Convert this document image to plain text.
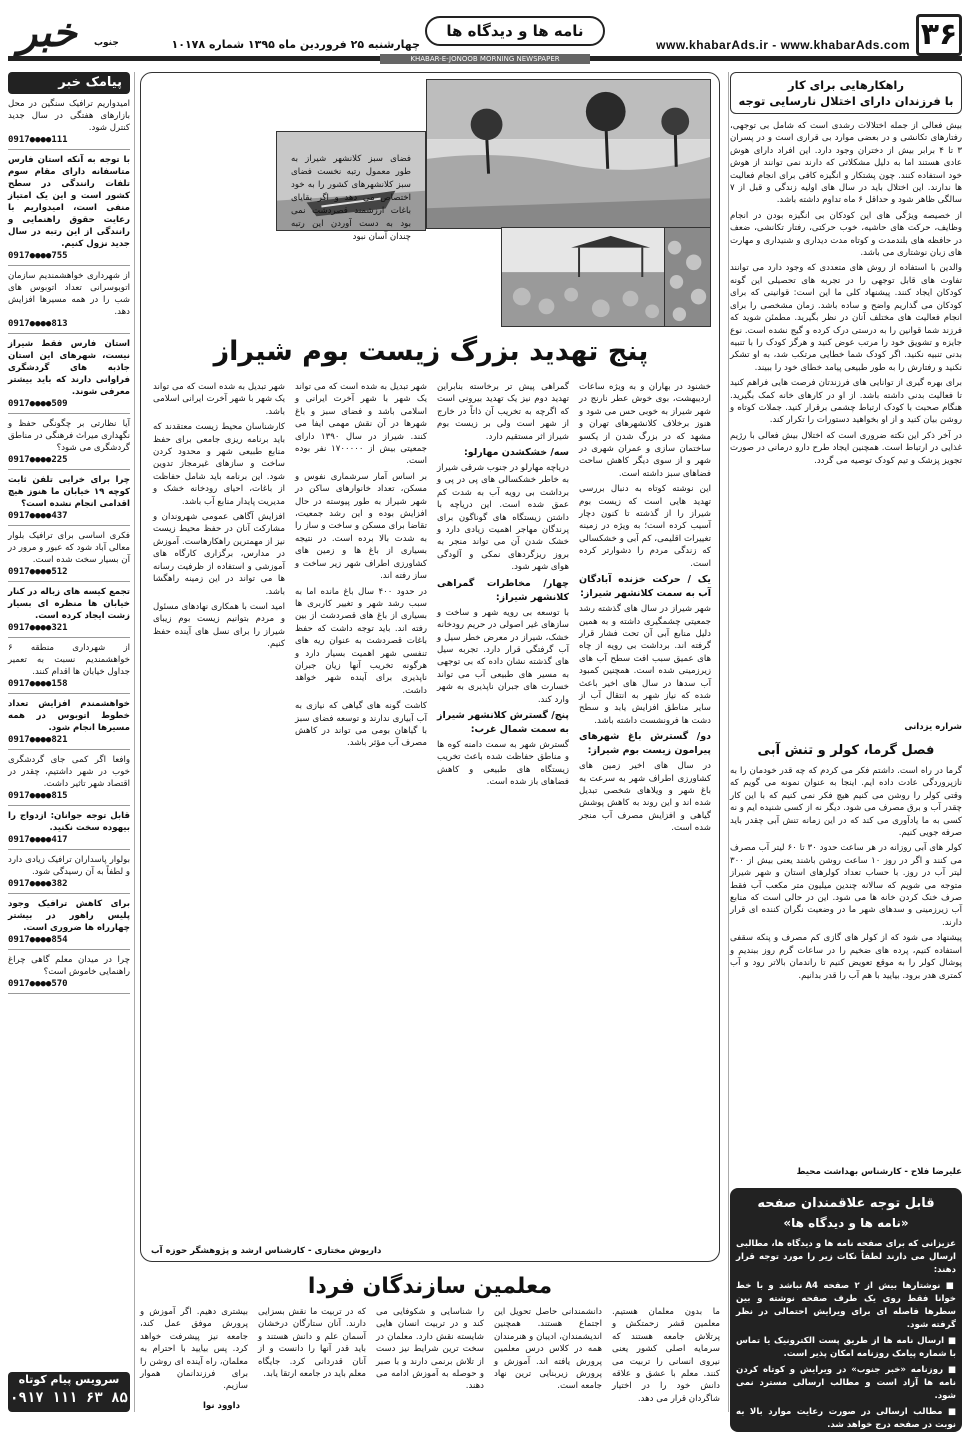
۳۶
www.khabarAds.ir - www.khabarAds.com
نامه ها و دیدگاه ها
چهارشنبه ۲۵ فروردین ماه ۱۳۹۵ شماره ۱۰۱۷۸
خبر جنوب
KHABAR-E-JONOOB MORNING NEWSPAPER
راهکارهایی برای کار
با فرزندان دارای اختلال نارسایی توجه

بیش فعالی از جمله اختلالات رشدی است که شامل بی توجهی، رفتارهای تکانشی و در بعضی موارد بی قراری است و در پسران ۳ تا ۴ برابر بیش از دختران وجود دارد. این افراد دارای هوش عادی هستند اما به دلیل مشکلاتی که دارند نمی توانند از هوش خود استفاده کنند. چون پشتکار و انگیزه کافی برای انجام فعالیت ها ندارند. این اختلال باید در سال های اولیه زندگی و قبل از ۷ سالگی ظاهر شود و حداقل ۶ ماه تداوم داشته باشد.

از خصیصه ویژگی های این کودکان بی انگیزه بودن در انجام وظایف، حرکت های حاشیه، خوب حرکتی، رفتار تکانشی، ضعف در حافظه های بلندمدت و کوتاه مدت دیداری و شنیداری و مهارت های زبان نوشتاری می باشد.

والدین با استفاده از روش های متعددی که وجود دارد می توانند تفاوت های قابل توجهی را در تجربه های تحصیلی این گونه کودکان ایجاد کنند. پیشنهاد کلی ما این است: قوانینی که برای کودکان می گذاریم واضح و ساده باشد. زمان مشخصی را برای انجام فعالیت های مختلف آنان در نظر بگیرید. مطمئن شوید که فرزند شما قوانین را به درستی درک کرده و گیج نشده است. نوع جایزه و تشویق خود را مرتب عوض کنید و هرگز کودک را با تنبیه بدنی تنبیه نکنید. اگر کودک شما خطایی مرتکب شد، به او تشکر نکنید و رفتارش را به طور طبیعی پیامد خطای خود را ببیند.

برای بهره گیری از توانایی های فرزندتان فرصت هایی فراهم کنید تا فعالیت بدنی داشته باشد. از او در کارهای خانه کمک بگیرید. هنگام صحبت با کودک ارتباط چشمی برقرار کنید. جملات کوتاه و روشن بیان کنید و از او بخواهید دستورات را تکرار کند.

در آخر ذکر این نکته ضروری است که اختلال بیش فعالی با رژیم غذایی در ارتباط است. همچنین ایجاد طرح دارو درمانی در صورت تجویز پزشک و تیم کودک توصیه می گردد.

شراره یزدانی
فصل گرما، کولر و تنش آبی

گرما در راه است. داشتم فکر می کردم که چه قدر خودمان را به نازپروردگی عادت داده ایم. اینجا به عنوان نمونه می گویم که وقتی کولر را روشن می کنیم هیچ فکر نمی کنیم که با این کار چقدر آب و برق مصرف می شود. دیگر نه از کسی شنیده ایم و نه کسی به ما یادآوری می کند که در این زمانه تنش آبی چقدر باید صرفه جویی کنیم.

کولر های آبی روزانه در هر ساعت حدود ۳۰ تا ۶۰ لیتر آب مصرف می کنند و اگر در روز ۱۰ ساعت روشن باشند یعنی بیش از ۳۰۰ لیتر آب در روز. با حساب تعداد کولرهای استان و شهر شیراز متوجه می شویم که سالانه چندین میلیون متر مکعب آب فقط صرف خنک کردن خانه ها می شود. این در حالی است که منابع آب زیرزمینی و سدهای شهر ما در وضعیت نگران کننده ای قرار دارند.

پیشنهاد می شود که از کولر های گازی کم مصرف و پنکه سقفی استفاده کنیم، پرده های ضخیم را در ساعات گرم روز ببندیم و پوشال کولر را به موقع تعویض کنیم تا راندمان بالاتر رود و آب کمتری هدر برود. بیایید با هم آب را قدر بدانیم.

علیرضا فلاح - کارشناس بهداشت محیط
قابل توجه علاقمندان صفحه
«نامه ها و دیدگاه ها»

عزیزانی که برای صفحه نامه ها و دیدگاه ها، مطالبی ارسال می دارند لطفاً نکات زیر را مورد توجه قرار دهند:

■ نوشتارها بیش از ۲ صفحه A4 نباشد و با خط خوانا فقط روی یک طرف صفحه نوشته و بین سطرها فاصله ای برای ویرایش احتمالی در نظر گرفته شود.

■ ارسال نامه ها از طریق پست الکترونیک یا تماس با شماره پیامک روزنامه امکان پذیر است.

■ روزنامه «خبر جنوب» در ویرایش و کوتاه کردن نامه ها آزاد است و مطالب ارسالی مسترد نمی شود.

■ مطالب ارسالی در صورت رعایت موارد بالا به نوبت در صفحه درج خواهد شد.

پیامک خبر
امیدواریم ترافیک سنگین در محل بازارهای هفتگی در سال جدید کنترل شود.
0917●●●●111
با توجه به آنکه استان فارس متاسفانه دارای مقام سوم تلفات رانندگی در سطح کشور است و این یک امتیاز منفی است، امیدواریم با رعایت حقوق راهنمایی و رانندگی از این رتبه در سال جدید نزول کنیم.
0917●●●●755
از شهرداری خواهشمندیم سازمان اتوبوسرانی تعداد اتوبوس های شب را در همه مسیرها افزایش دهد.
0917●●●●813
استان فارس فقط شیراز نیست، شهرهای این استان جاذبه های گردشگری فراوانی دارند که باید بیشتر معرفی شوند.
0917●●●●509
آیا نظارتی بر چگونگی حفظ و نگهداری میراث فرهنگی در مناطق گردشگری می شود؟
0917●●●●225
چرا برای خرابی تلفن ثابت کوچه ۱۹ خیابان ما هنوز هیچ اقدامی انجام نشده است؟
0917●●●●437
فکری اساسی برای ترافیک بلوار معالی آباد شود که عبور و مرور در آن بسیار سخت شده است.
0917●●●●512
تجمع کیسه های زباله در کنار خیابان ها منظره ای بسیار زشت ایجاد کرده است.
0917●●●●321
از شهرداری منطقه ۶ خواهشمندیم نسبت به تعمیر جداول خیابان ها اقدام کنند.
0917●●●●158
خواهشمندم افزایش تعداد خطوط اتوبوس در همه مسیرها انجام شود.
0917●●●●821
وافعا اگر کمی جای گردشگری خوب در شهر داشتیم، چقدر در اقتصاد شهر تاثیر داشت.
0917●●●●815
قابل توجه جوانان: ازدواج را بیهوده سخت نکنید.
0917●●●●417
بولوار پاسداران ترافیک زیادی دارد و لطفاً به آن رسیدگی شود.
0917●●●●382
برای کاهش ترافیک وجود پلیس راهور در بیشتر چهارراه ها ضروری است.
0917●●●●854
چرا در میدان معلم گاهی چراغ راهنمایی خاموش است؟
0917●●●●570
سرویس پیام کوتاه
۰۹۱۷ ۱۱۱ ۶۳ ۸۵
فضای سبز کلانشهر شیراز به طور معمول رتبه نخست فضای سبز کلانشهرهای کشور را به خود اختصاص می دهد و اگر بقایای باغات ارزشمند قصردشت نمی بود به دست آوردن این رتبه چندان آسان نبود
پنج تهدید بزرگ زیست بوم شیراز

خشنود در بهاران و به ویژه ساعات اردیبهشت، بوی خوش عطر نارنج در شهر شیراز به خوبی حس می شود و هنوز برخلاف کلانشهرهای تهران و مشهد که در بزرگ شدن از یکسو ساختمان سازی و عمران شهری در شهر و از سوی دیگر کاهش ساحت فضاهای سبز داشته است.

این نوشته کوتاه به دنبال بررسی تهدید هایی است که زیست بوم شیراز را از گذشته تا کنون دچار آسیب کرده است؛ به ویژه در زمینه تغییرات اقلیمی، کم آبی و خشکسالی که زندگی مردم را دشوارتر کرده است.

یک / حرکت خزنده آبادگان آب به سمت کلانشهر شیراز:

شهر شیراز در سال های گذشته رشد جمعیتی چشمگیری داشته و به همین دلیل منابع آبی آن تحت فشار قرار گرفته اند. برداشت بی رویه از چاه های عمیق سبب افت سطح آب های زیرزمینی شده است. همچنین کمبود آب سدها در سال های اخیر باعث شده که نیاز شهر به انتقال آب از سایر مناطق افزایش یابد و سطح دشت ها فرونشست داشته باشد.

دو/ گسترش باغ شهرهای پیرامون زیست بوم شیراز:

در سال های اخیر زمین های کشاورزی اطراف شهر به سرعت به باغ شهر و ویلاهای شخصی تبدیل شده اند و این روند به کاهش پوشش گیاهی و افزایش مصرف آب منجر شده است.

گمراهی پیش تر برخاسته بنابراین تهدید دوم نیز یک تهدید بیرونی است که اگرچه به تخریب آن ذاتاً در خارج از شهر است ولی بر زیست بوم شیراز اثر مستقیم دارد.

سه/ خشکشدن مهارلو:

دریاچه مهارلو در جنوب شرقی شیراز به خاطر خشکسالی های پی در پی و برداشت بی رویه آب به شدت کم عمق شده است. این دریاچه با داشتن زیستگاه های گوناگون برای پرندگان مهاجر اهمیت زیادی دارد و خشک شدن آن می تواند منجر به بروز ریزگردهای نمکی و آلودگی هوای شهر شود.

چهار/ مخاطرات گمراهی کلانشهر شیراز:

با توسعه بی رویه شهر و ساخت و سازهای غیر اصولی در حریم رودخانه خشک، شیراز در معرض خطر سیل و آب گرفتگی قرار دارد. تجربه سیل های گذشته نشان داده که بی توجهی به مسیر های طبیعی آب می تواند خسارت های جبران ناپذیری به شهر وارد کند.

پنج/ گسترش کلانشهر شیراز به سمت شمال غرب:

گسترش شهر به سمت دامنه کوه ها و مناطق حفاظت شده باعث تخریب زیستگاه های طبیعی و کاهش فضاهای باز شده است.

شهر تبدیل به شده است که می تواند یک شهر با شهر آخرت ایرانی و اسلامی باشد و فضای سبز و باغ شهرها در آن نقش مهمی ایفا می کنند. شیراز در سال ۱۳۹۰ دارای جمعیتی بیش از ۱۷۰۰۰۰۰ نفر بوده است.

بر اساس آمار سرشماری نفوس و مسکن، تعداد خانوارهای ساکن در شهر شیراز به طور پیوسته در حال افزایش بوده و این رشد جمعیت، تقاضا برای مسکن و ساخت و ساز را به شدت بالا برده است. در نتیجه بسیاری از باغ ها و زمین های کشاورزی اطراف شهر زیر ساخت و ساز رفته اند.

در حدود ۴۰۰ سال باغ مانده اما به سبب رشد شهر و تغییر کاربری ها بسیاری از باغ های قصردشت از بین رفته اند. باید توجه داشت که حفظ باغات قصردشت به عنوان ریه های تنفسی شهر اهمیت بسیار دارد و هرگونه تخریب آنها زیان جبران ناپذیری برای آینده شهر خواهد داشت.

کاشت گونه های گیاهی که نیازی به آب آبیاری ندارند و توسعه فضای سبز با گیاهان بومی می تواند در کاهش مصرف آب مؤثر باشد.

شهر تبدیل به شده است که می تواند یک شهر با شهر آخرت ایرانی اسلامی باشد.

کارشناسان محیط زیست معتقدند که باید برنامه ریزی جامعی برای حفظ منابع طبیعی شهر و محدود کردن ساخت و سازهای غیرمجاز تدوین شود. این برنامه باید شامل حفاظت از باغات، احیای رودخانه خشک و مدیریت پایدار منابع آب باشد.

افزایش آگاهی عمومی شهروندان و مشارکت آنان در حفظ محیط زیست نیز از مهمترین راهکارهاست. آموزش در مدارس، برگزاری کارگاه های آموزشی و استفاده از ظرفیت رسانه ها می تواند در این زمینه راهگشا باشد.

امید است با همکاری نهادهای مسئول و مردم بتوانیم زیست بوم زیبای شیراز را برای نسل های آینده حفظ کنیم.

داریوش مختاری - کارشناس ارشد و پژوهشگر حوزه آب
معلمین سازندگان فردا
ما بدون معلمان هستیم. معلمین قشر زحمتکش و پرتلاش جامعه هستند که سرمایه اصلی کشور یعنی نیروی انسانی را تربیت می کنند. معلم با عشق و علاقه دانش خود را در اختیار شاگردان قرار می دهد.
دانشمندانی حاصل تحویل این اجتماع هستند. همچنین اندیشمندان، ادیبان و هنرمندان همه در کلاس درس معلمین پرورش یافته اند. آموزش و پرورش زیربنایی ترین نهاد جامعه است.
را شناسایی و شکوفایی می کند و در تربیت انسان هایی شایسته نقش دارد. معلمان در سخت ترین شرایط نیز دست از تلاش برنمی دارند و با صبر و حوصله به آموزش ادامه می دهند.
که در تربیت ما نقش بسزایی دارند. آنان ستارگان درخشان آسمان علم و دانش هستند و باید قدر آنها را دانست و از آنان قدردانی کرد. جایگاه معلم باید در جامعه ارتقا یابد.
بیشتری دهیم. اگر آموزش و پرورش موفق عمل کند، جامعه نیز پیشرفت خواهد کرد. پس بیایید با احترام به معلمان، راه آینده ای روشن را برای فرزندانمان هموار سازیم.
داوود نوا
